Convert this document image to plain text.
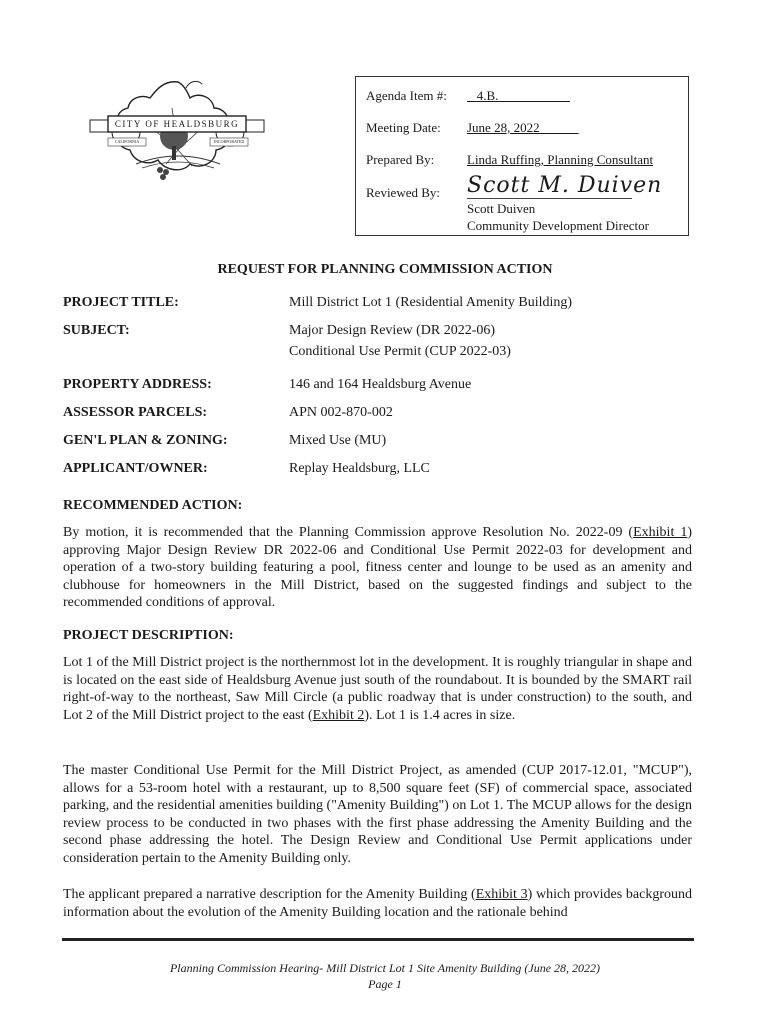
CITY OF HEALDSBURG
CALIFORNIA	INCORPORATED
Agenda Item #:	4.B.
Meeting Date: June 28, 2022
Prepared By:	Linda Ruffing, Planning Consultant
Reviewed By: Scott M. Duiven
Scott Duiven
Community Development Director
REQUEST FOR PLANNING COMMISSION ACTION
PROJECT TITLE:	Mill District Lot 1 (Residential Amenity Building)
SUBJECT:	Major Design Review (DR 2022-06)
Conditional Use Permit (CUP 2022-03)
PROPERTY ADDRESS:	146 and 164 Healdsburg Avenue
ASSESSOR PARCELS:	APN 002-870-002
GEN'L PLAN & ZONING:	Mixed Use (MU)
APPLICANT/OWNER:	Replay Healdsburg, LLC
RECOMMENDED ACTION:
By motion, it is recommended that the Planning Commission approve Resolution No. 2022-09 (Exhibit 1) approving Major Design Review DR 2022-06 and Conditional Use Permit 2022-03 for development and operation of a two-story building featuring a pool, fitness center and lounge to be used as an amenity and clubhouse for homeowners in the Mill District, based on the suggested findings and subject to the recommended conditions of approval.
PROJECT DESCRIPTION:
Lot 1 of the Mill District project is the northernmost lot in the development. It is roughly triangular in shape and is located on the east side of Healdsburg Avenue just south of the roundabout. It is bounded by the SMART rail right-of-way to the northeast, Saw Mill Circle (a public roadway that is under construction) to the south, and Lot 2 of the Mill District project to the east (Exhibit 2). Lot 1 is 1.4 acres in size.
The master Conditional Use Permit for the Mill District Project, as amended (CUP 2017-12.01, "MCUP"), allows for a 53-room hotel with a restaurant, up to 8,500 square feet (SF) of commercial space, associated parking, and the residential amenities building ("Amenity Building") on Lot 1. The MCUP allows for the design review process to be conducted in two phases with the first phase addressing the Amenity Building and the second phase addressing the hotel. The Design Review and Conditional Use Permit applications under consideration pertain to the Amenity Building only.
The applicant prepared a narrative description for the Amenity Building (Exhibit 3) which provides background information about the evolution of the Amenity Building location and the rationale behind
Planning Commission Hearing- Mill District Lot 1 Site Amenity Building (June 28, 2022)
Page 1
